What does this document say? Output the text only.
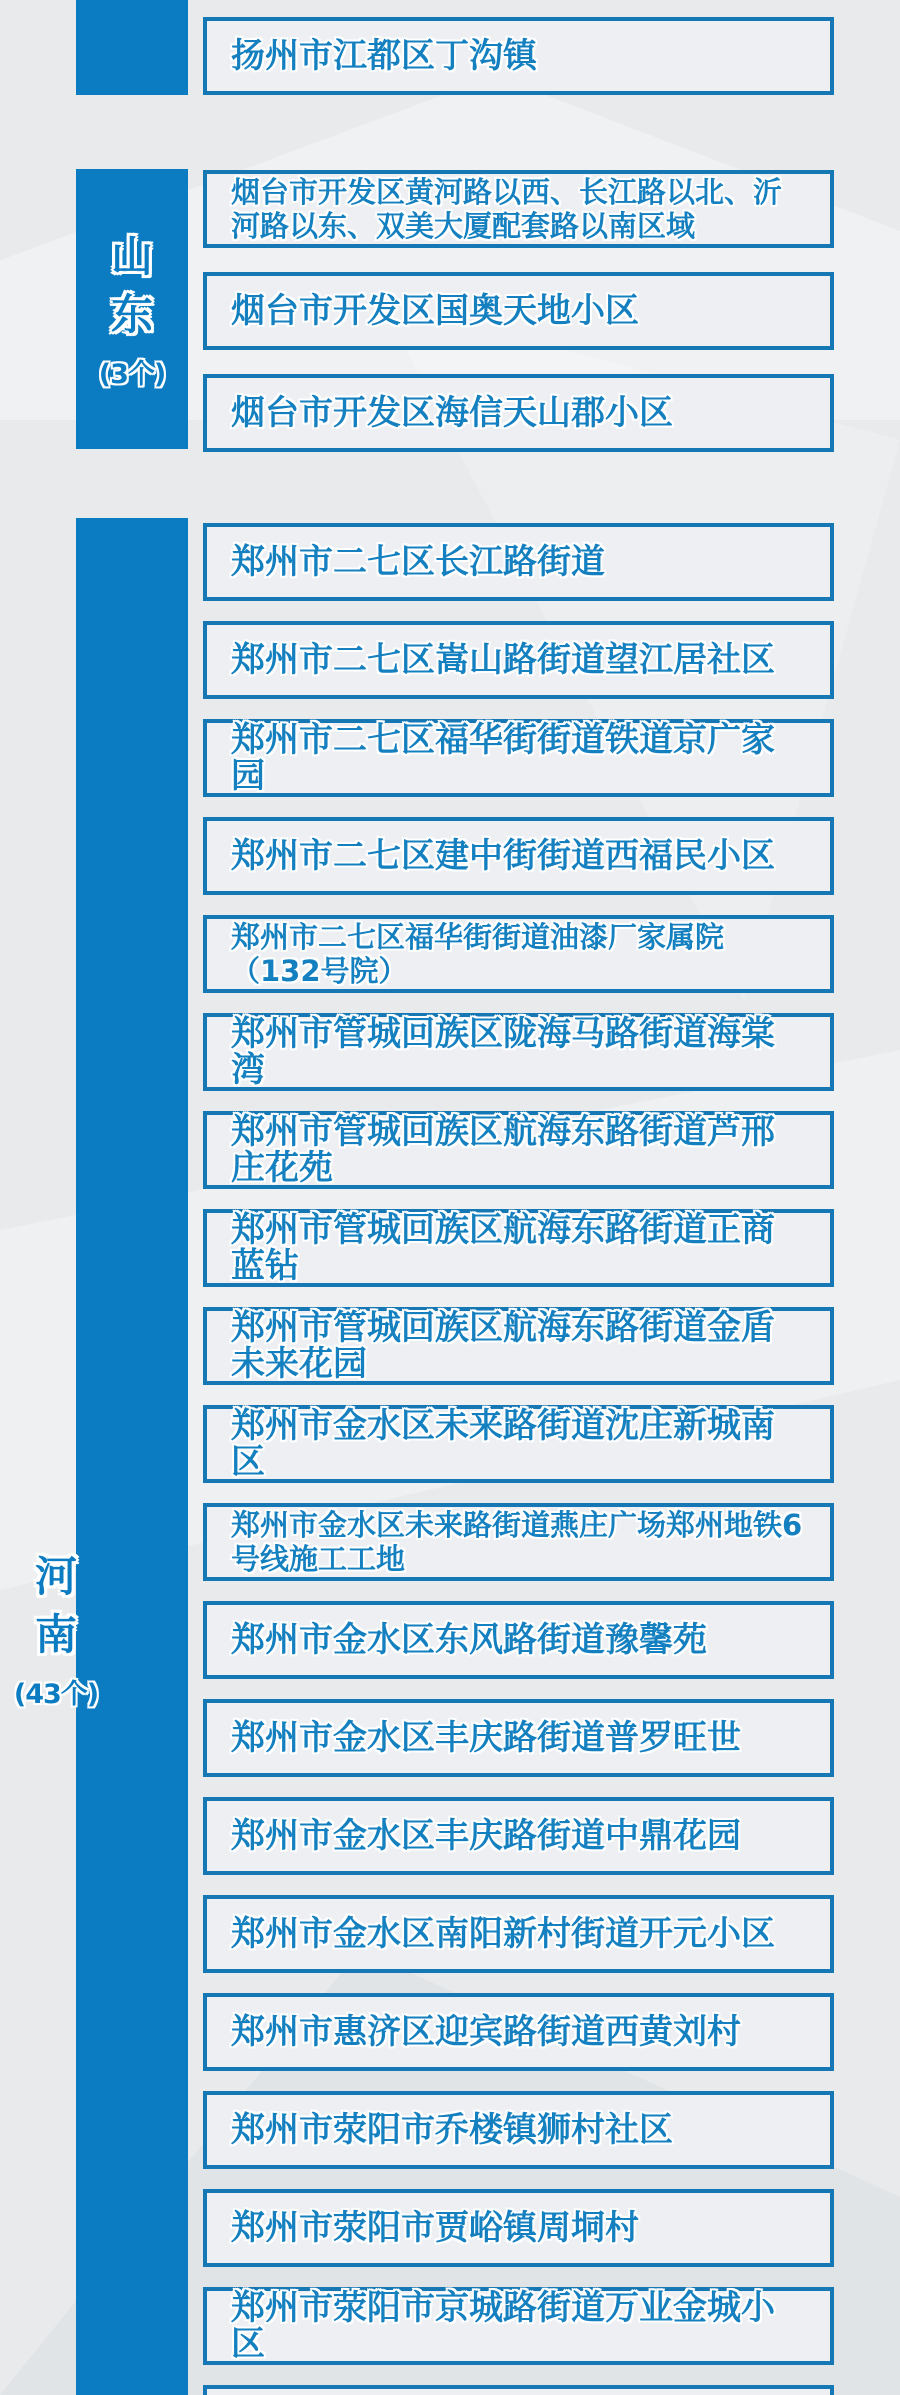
扬州市江都区丁沟镇
山
东
(3个)
烟台市开发区黄河路以西、长江路以北、沂河路以东、双美大厦配套路以南区域
烟台市开发区国奥天地小区
烟台市开发区海信天山郡小区
河
南
(43个)
郑州市二七区长江路街道
郑州市二七区嵩山路街道望江居社区
郑州市二七区福华街街道铁道京广家园
郑州市二七区建中街街道西福民小区
郑州市二七区福华街街道油漆厂家属院（132号院）
郑州市管城回族区陇海马路街道海棠湾
郑州市管城回族区航海东路街道芦邢庄花苑
郑州市管城回族区航海东路街道正商蓝钻
郑州市管城回族区航海东路街道金盾未来花园
郑州市金水区未来路街道沈庄新城南区
郑州市金水区未来路街道燕庄广场郑州地铁6号线施工工地
郑州市金水区东风路街道豫馨苑
郑州市金水区丰庆路街道普罗旺世
郑州市金水区丰庆路街道中鼎花园
郑州市金水区南阳新村街道开元小区
郑州市惠济区迎宾路街道西黄刘村
郑州市荥阳市乔楼镇狮村社区
郑州市荥阳市贾峪镇周垌村
郑州市荥阳市京城路街道万业金城小区
